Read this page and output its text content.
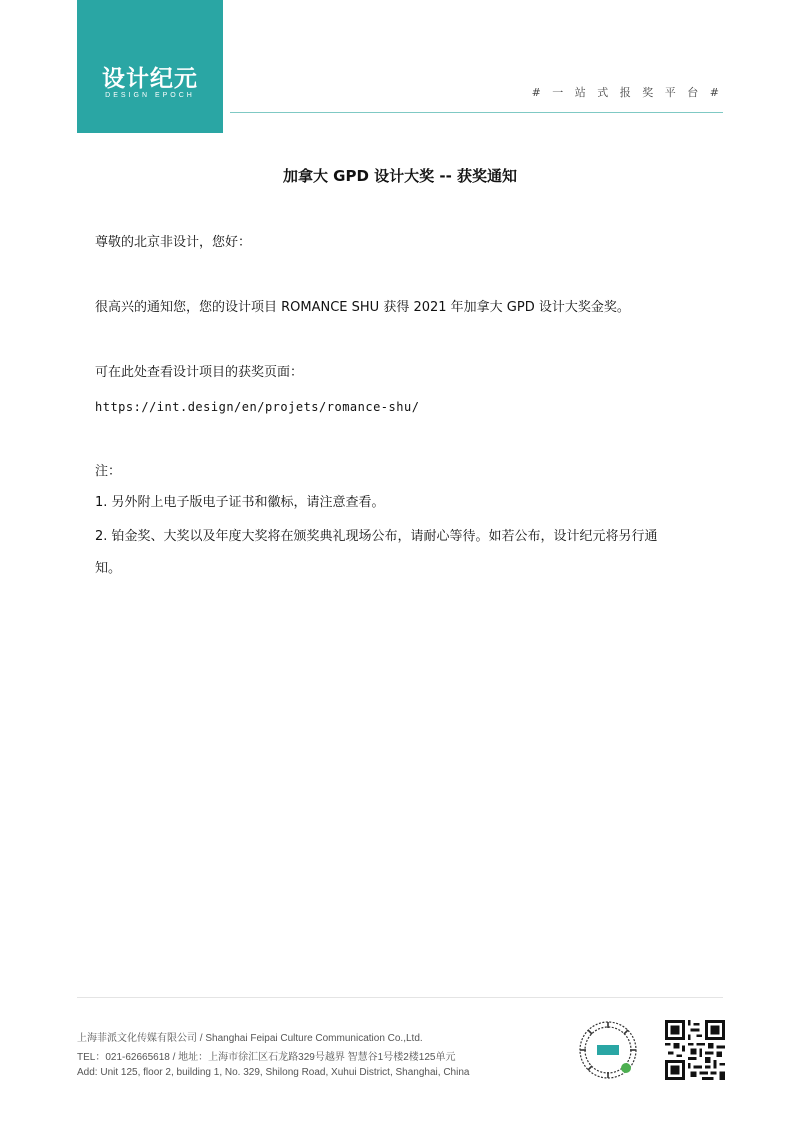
设计纪元
DESIGN EPOCH	# 一 站 式 报 奖 平 台 #
加拿大 GPD 设计大奖 -- 获奖通知
尊敬的北京非设计，您好：
很高兴的通知您，您的设计项目 ROMANCE SHU 获得 2021 年加拿大 GPD 设计大奖金奖。
可在此处查看设计项目的获奖页面：
https://int.design/en/projets/romance-shu/
注：
1. 另外附上电子版电子证书和徽标，请注意查看。
2. 铂金奖、大奖以及年度大奖将在颁奖典礼现场公布，请耐心等待。如若公布，设计纪元将另行通
知。
上海菲派文化传媒有限公司 / Shanghai Feipai Culture Communication Co.,Ltd.
TEL：021-62665618 / 地址：上海市徐汇区石龙路329号越界 智慧谷1号楼2楼125单元
Add: Unit 125, floor 2, building 1, No. 329, Shilong Road, Xuhui District, Shanghai, China
